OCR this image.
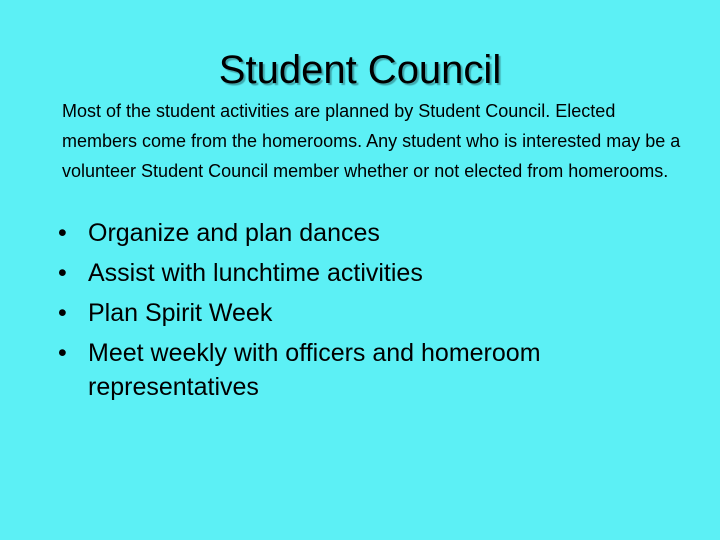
Student Council

Most of the student activities are planned by Student Council. Elected members come from the homerooms. Any student who is interested may be a volunteer Student Council member whether or not elected from homerooms.

• Organize and plan dances
• Assist with lunchtime activities
• Plan Spirit Week
• Meet weekly with officers and homeroom representatives
